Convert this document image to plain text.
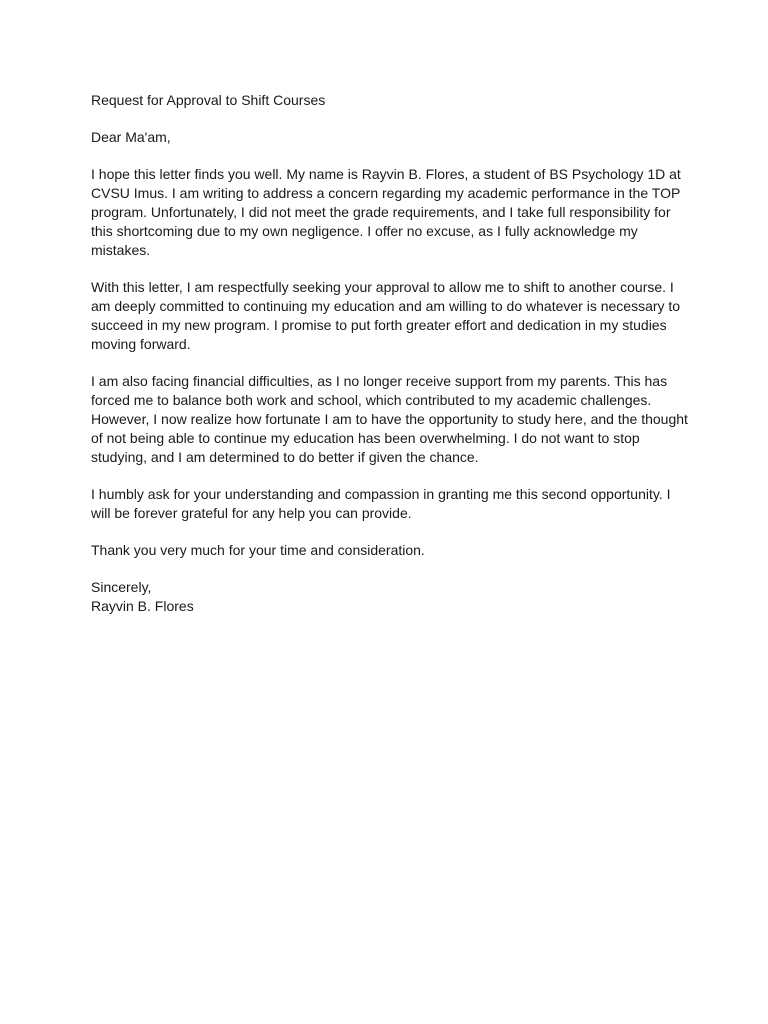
Request for Approval to Shift Courses

Dear Ma'am,

I hope this letter finds you well. My name is Rayvin B. Flores, a student of BS Psychology 1D at CVSU Imus. I am writing to address a concern regarding my academic performance in the TOP program. Unfortunately, I did not meet the grade requirements, and I take full responsibility for this shortcoming due to my own negligence. I offer no excuse, as I fully acknowledge my mistakes.

With this letter, I am respectfully seeking your approval to allow me to shift to another course. I am deeply committed to continuing my education and am willing to do whatever is necessary to succeed in my new program. I promise to put forth greater effort and dedication in my studies moving forward.

I am also facing financial difficulties, as I no longer receive support from my parents. This has forced me to balance both work and school, which contributed to my academic challenges. However, I now realize how fortunate I am to have the opportunity to study here, and the thought of not being able to continue my education has been overwhelming. I do not want to stop studying, and I am determined to do better if given the chance.

I humbly ask for your understanding and compassion in granting me this second opportunity. I will be forever grateful for any help you can provide.

Thank you very much for your time and consideration.

Sincerely,
Rayvin B. Flores
